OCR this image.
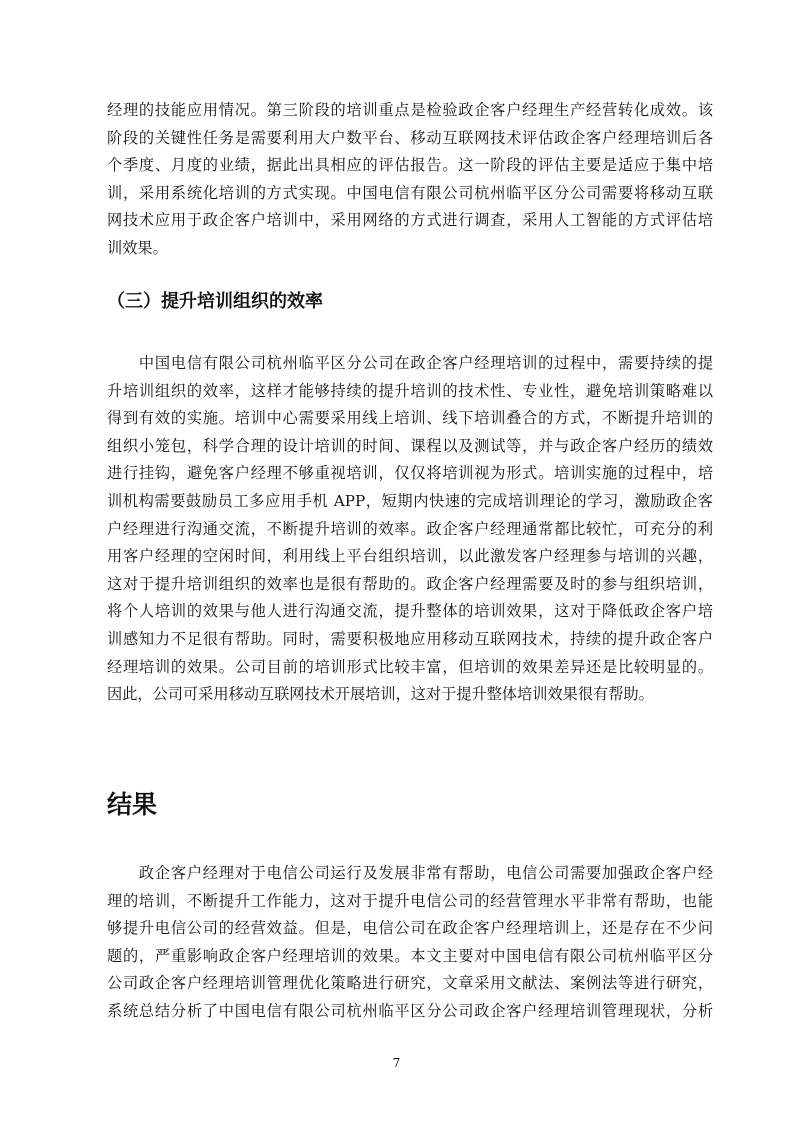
经理的技能应用情况。第三阶段的培训重点是检验政企客户经理生产经营转化成效。该
阶段的关键性任务是需要利用大户数平台、移动互联网技术评估政企客户经理培训后各
个季度、月度的业绩，据此出具相应的评估报告。这一阶段的评估主要是适应于集中培
训，采用系统化培训的方式实现。中国电信有限公司杭州临平区分公司需要将移动互联
网技术应用于政企客户培训中，采用网络的方式进行调查，采用人工智能的方式评估培
训效果。
（三）提升培训组织的效率
　　中国电信有限公司杭州临平区分公司在政企客户经理培训的过程中，需要持续的提
升培训组织的效率，这样才能够持续的提升培训的技术性、专业性，避免培训策略难以
得到有效的实施。培训中心需要采用线上培训、线下培训叠合的方式，不断提升培训的
组织小笼包，科学合理的设计培训的时间、课程以及测试等，并与政企客户经历的绩效
进行挂钩，避免客户经理不够重视培训，仅仅将培训视为形式。培训实施的过程中，培
训机构需要鼓励员工多应用手机 APP，短期内快速的完成培训理论的学习，激励政企客
户经理进行沟通交流，不断提升培训的效率。政企客户经理通常都比较忙，可充分的利
用客户经理的空闲时间，利用线上平台组织培训，以此激发客户经理参与培训的兴趣，
这对于提升培训组织的效率也是很有帮助的。政企客户经理需要及时的参与组织培训，
将个人培训的效果与他人进行沟通交流，提升整体的培训效果，这对于降低政企客户培
训感知力不足很有帮助。同时，需要积极地应用移动互联网技术，持续的提升政企客户
经理培训的效果。公司目前的培训形式比较丰富，但培训的效果差异还是比较明显的。
因此，公司可采用移动互联网技术开展培训，这对于提升整体培训效果很有帮助。
结果
　　政企客户经理对于电信公司运行及发展非常有帮助，电信公司需要加强政企客户经
理的培训，不断提升工作能力，这对于提升电信公司的经营管理水平非常有帮助，也能
够提升电信公司的经营效益。但是，电信公司在政企客户经理培训上，还是存在不少问
题的，严重影响政企客户经理培训的效果。本文主要对中国电信有限公司杭州临平区分
公司政企客户经理培训管理优化策略进行研究，文章采用文献法、案例法等进行研究，
系统总结分析了中国电信有限公司杭州临平区分公司政企客户经理培训管理现状，分析
7
